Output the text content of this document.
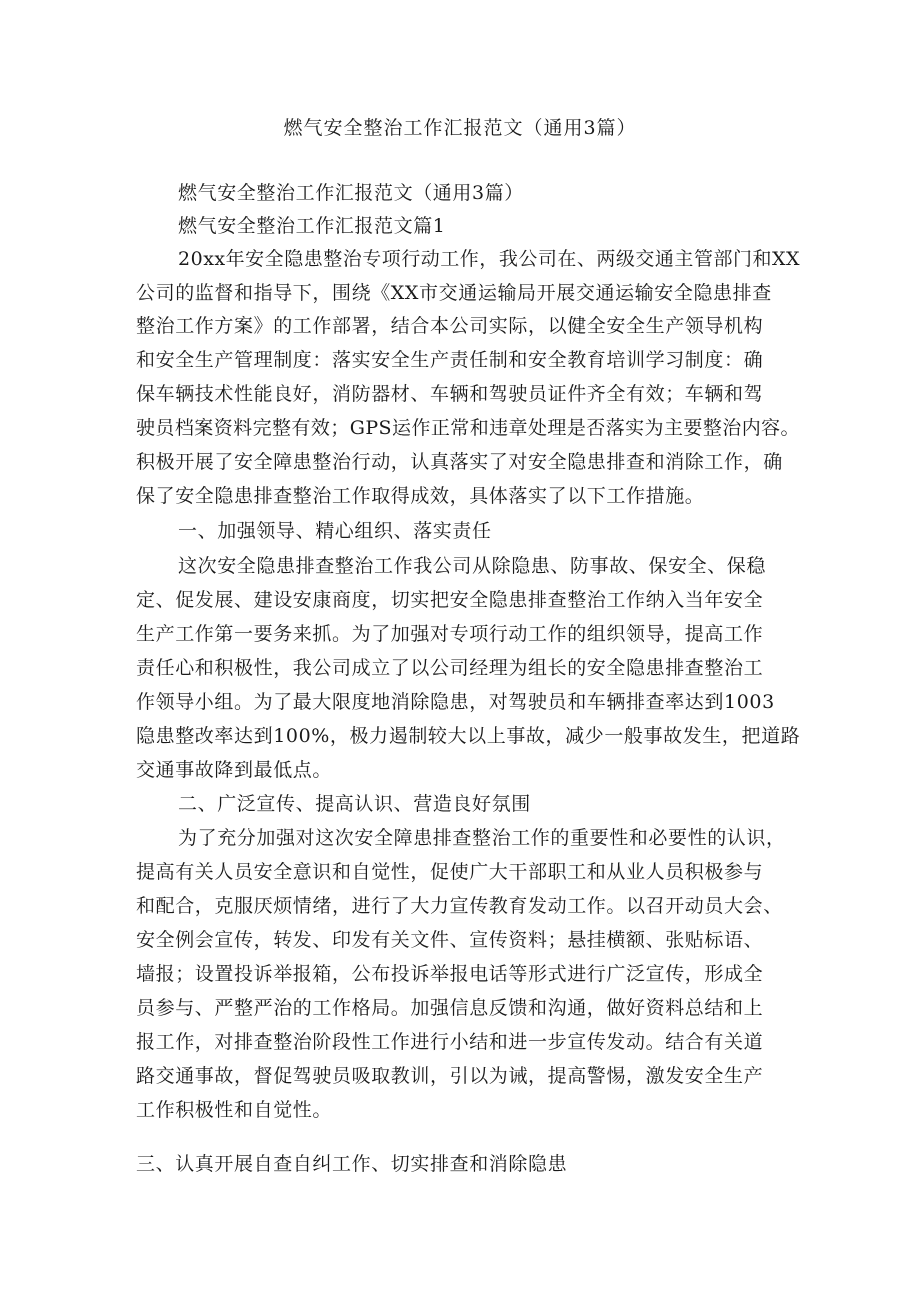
燃气安全整治工作汇报范文（通用3篇）

燃气安全整治工作汇报范文（通用3篇）

燃气安全整治工作汇报范文篇1

20xx年安全隐患整治专项行动工作，我公司在、两级交通主管部门和XX

公司的监督和指导下，围绕《XX市交通运输局开展交通运输安全隐患排查

整治工作方案》的工作部署，结合本公司实际，以健全安全生产领导机构

和安全生产管理制度：落实安全生产责任制和安全教育培训学习制度：确

保车辆技术性能良好，消防器材、车辆和驾驶员证件齐全有效；车辆和驾

驶员档案资料完整有效；GPS运作正常和违章处理是否落实为主要整治内容。

积极开展了安全障患整治行动，认真落实了对安全隐患排查和消除工作，确

保了安全隐患排查整治工作取得成效，具体落实了以下工作措施。

一、加强领导、精心组织、落实责任

这次安全隐患排查整治工作我公司从除隐患、防事故、保安全、保稳

定、促发展、建设安康商度，切实把安全隐患排查整治工作纳入当年安全

生产工作第一要务来抓。为了加强对专项行动工作的组织领导，提高工作

责任心和积极性，我公司成立了以公司经理为组长的安全隐患排查整治工

作领导小组。为了最大限度地消除隐患，对驾驶员和车辆排查率达到1003

隐患整改率达到100%，极力遏制较大以上事故，减少一般事故发生，把道路

交通事故降到最低点。

二、广泛宣传、提高认识、营造良好氛围

为了充分加强对这次安全障患排查整治工作的重要性和必要性的认识，

提高有关人员安全意识和自觉性，促使广大干部职工和从业人员积极参与

和配合，克服厌烦情绪，进行了大力宣传教育发动工作。以召开动员大会、

安全例会宣传，转发、印发有关文件、宣传资料；悬挂横额、张贴标语、

墙报；设置投诉举报箱，公布投诉举报电话等形式进行广泛宣传，形成全

员参与、严整严治的工作格局。加强信息反馈和沟通，做好资料总结和上

报工作，对排查整治阶段性工作进行小结和进一步宣传发动。结合有关道

路交通事故，督促驾驶员吸取教训，引以为诫，提高警惕，激发安全生产

工作积极性和自觉性。

三、认真开展自查自纠工作、切实排查和消除隐患
